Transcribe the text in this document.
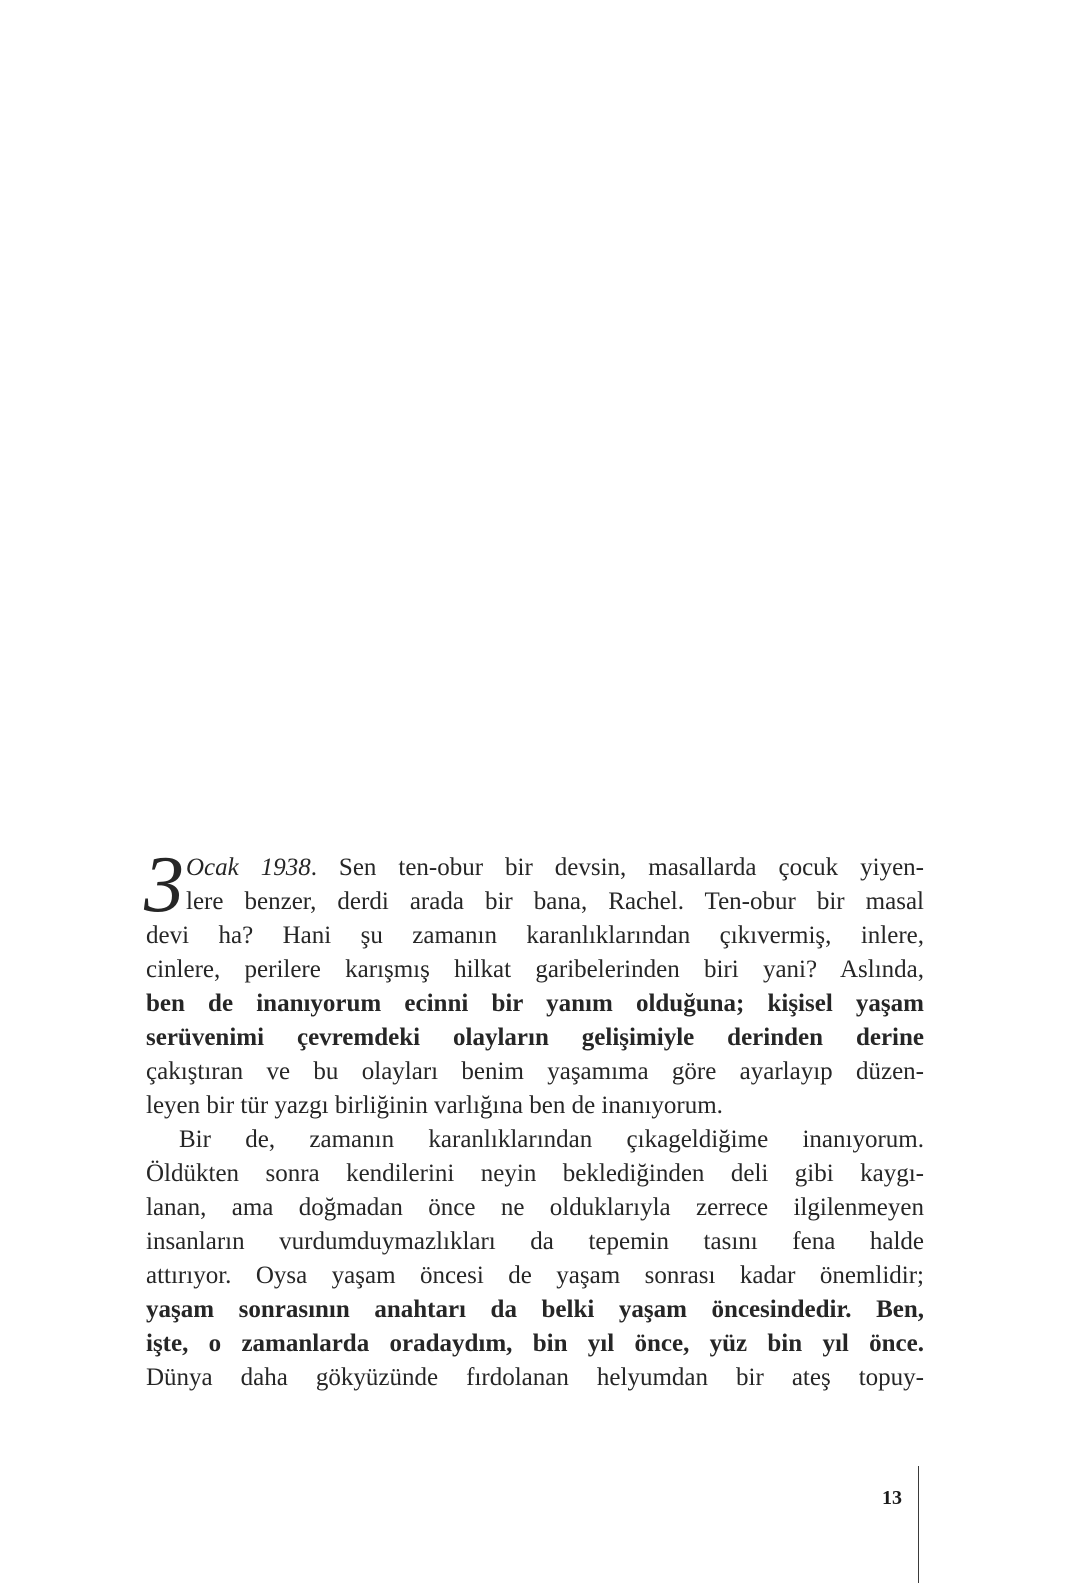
3 Ocak 1938. Sen ten-obur bir devsin, masallarda çocuk yiyen-
lere benzer, derdi arada bir bana, Rachel. Ten-obur bir masal
devi ha? Hani şu zamanın karanlıklarından çıkıvermiş, inlere,
cinlere, perilere karışmış hilkat garibelerinden biri yani? Aslında,
ben de inanıyorum ecinni bir yanım olduğuna; kişisel yaşam
serüvenimi çevremdeki olayların gelişimiyle derinden derine
çakıştıran ve bu olayları benim yaşamıma göre ayarlayıp düzen-
leyen bir tür yazgı birliğinin varlığına ben de inanıyorum.
Bir de, zamanın karanlıklarından çıkageldiğime inanıyorum.
Öldükten sonra kendilerini neyin beklediğinden deli gibi kaygı-
lanan, ama doğmadan önce ne olduklarıyla zerrece ilgilenmeyen
insanların vurdumduymazlıkları da tepemin tasını fena halde
attırıyor. Oysa yaşam öncesi de yaşam sonrası kadar önemlidir;
yaşam sonrasının anahtarı da belki yaşam öncesindedir. Ben,
işte, o zamanlarda oradaydım, bin yıl önce, yüz bin yıl önce.
Dünya daha gökyüzünde fırdolanan helyumdan bir ateş topuy-
13
